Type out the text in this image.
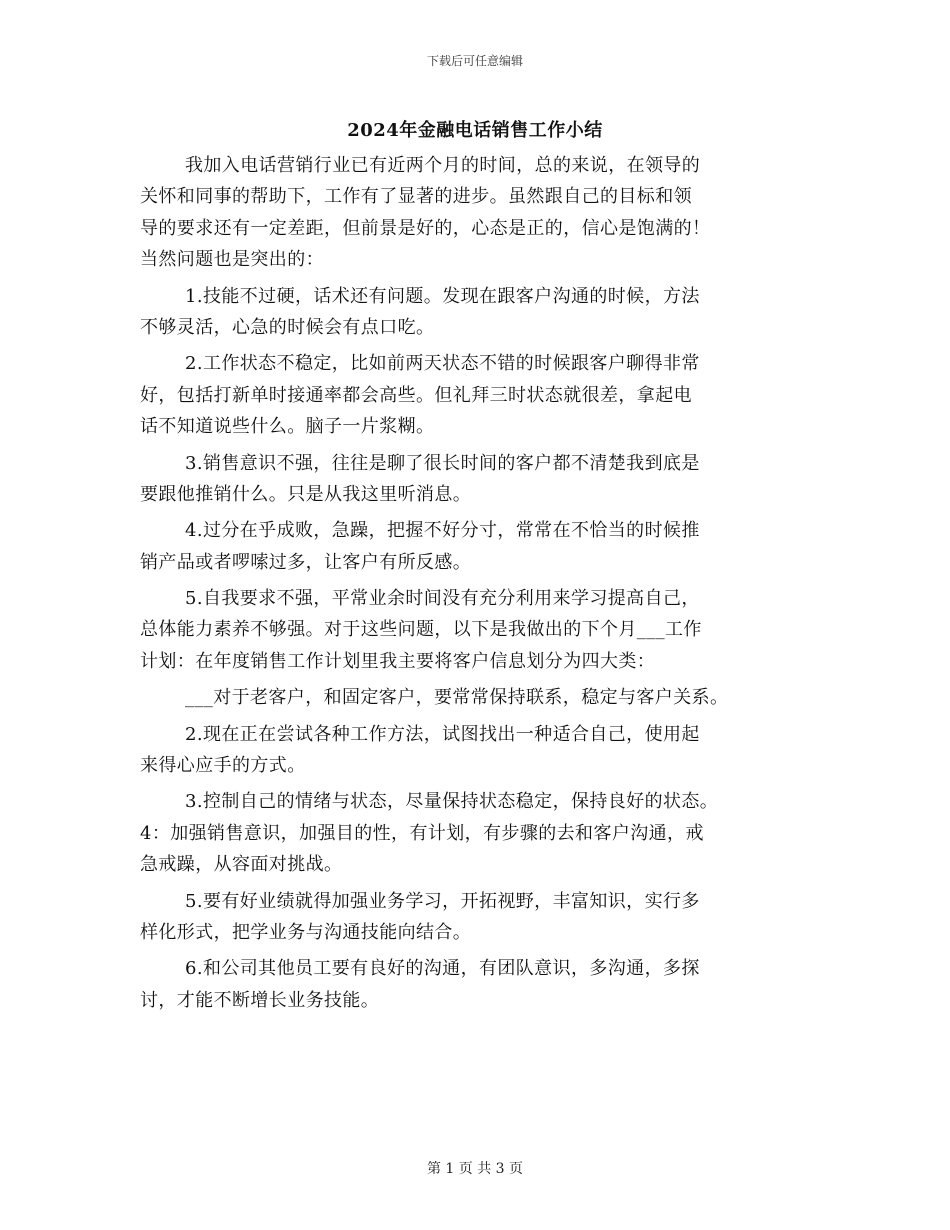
下载后可任意编辑
2024年金融电话销售工作小结
我加入电话营销行业已有近两个月的时间，总的来说，在领导的
关怀和同事的帮助下，工作有了显著的进步。虽然跟自己的目标和领
导的要求还有一定差距，但前景是好的，心态是正的，信心是饱满的！
当然问题也是突出的：
1.技能不过硬，话术还有问题。发现在跟客户沟通的时候，方法
不够灵活，心急的时候会有点口吃。
2.工作状态不稳定，比如前两天状态不错的时候跟客户聊得非常
好，包括打新单时接通率都会高些。但礼拜三时状态就很差，拿起电
话不知道说些什么。脑子一片浆糊。
3.销售意识不强，往往是聊了很长时间的客户都不清楚我到底是
要跟他推销什么。只是从我这里听消息。
4.过分在乎成败，急躁，把握不好分寸，常常在不恰当的时候推
销产品或者啰嗦过多，让客户有所反感。
5.自我要求不强，平常业余时间没有充分利用来学习提高自己，
总体能力素养不够强。对于这些问题，以下是我做出的下个月___工作
计划：在年度销售工作计划里我主要将客户信息划分为四大类：
___对于老客户，和固定客户，要常常保持联系，稳定与客户关系。
2.现在正在尝试各种工作方法，试图找出一种适合自己，使用起
来得心应手的方式。
3.控制自己的情绪与状态，尽量保持状态稳定，保持良好的状态。
4：加强销售意识，加强目的性，有计划，有步骤的去和客户沟通，戒
急戒躁，从容面对挑战。
5.要有好业绩就得加强业务学习，开拓视野，丰富知识，实行多
样化形式，把学业务与沟通技能向结合。
6.和公司其他员工要有良好的沟通，有团队意识，多沟通，多探
讨，才能不断增长业务技能。
第 1 页 共 3 页
